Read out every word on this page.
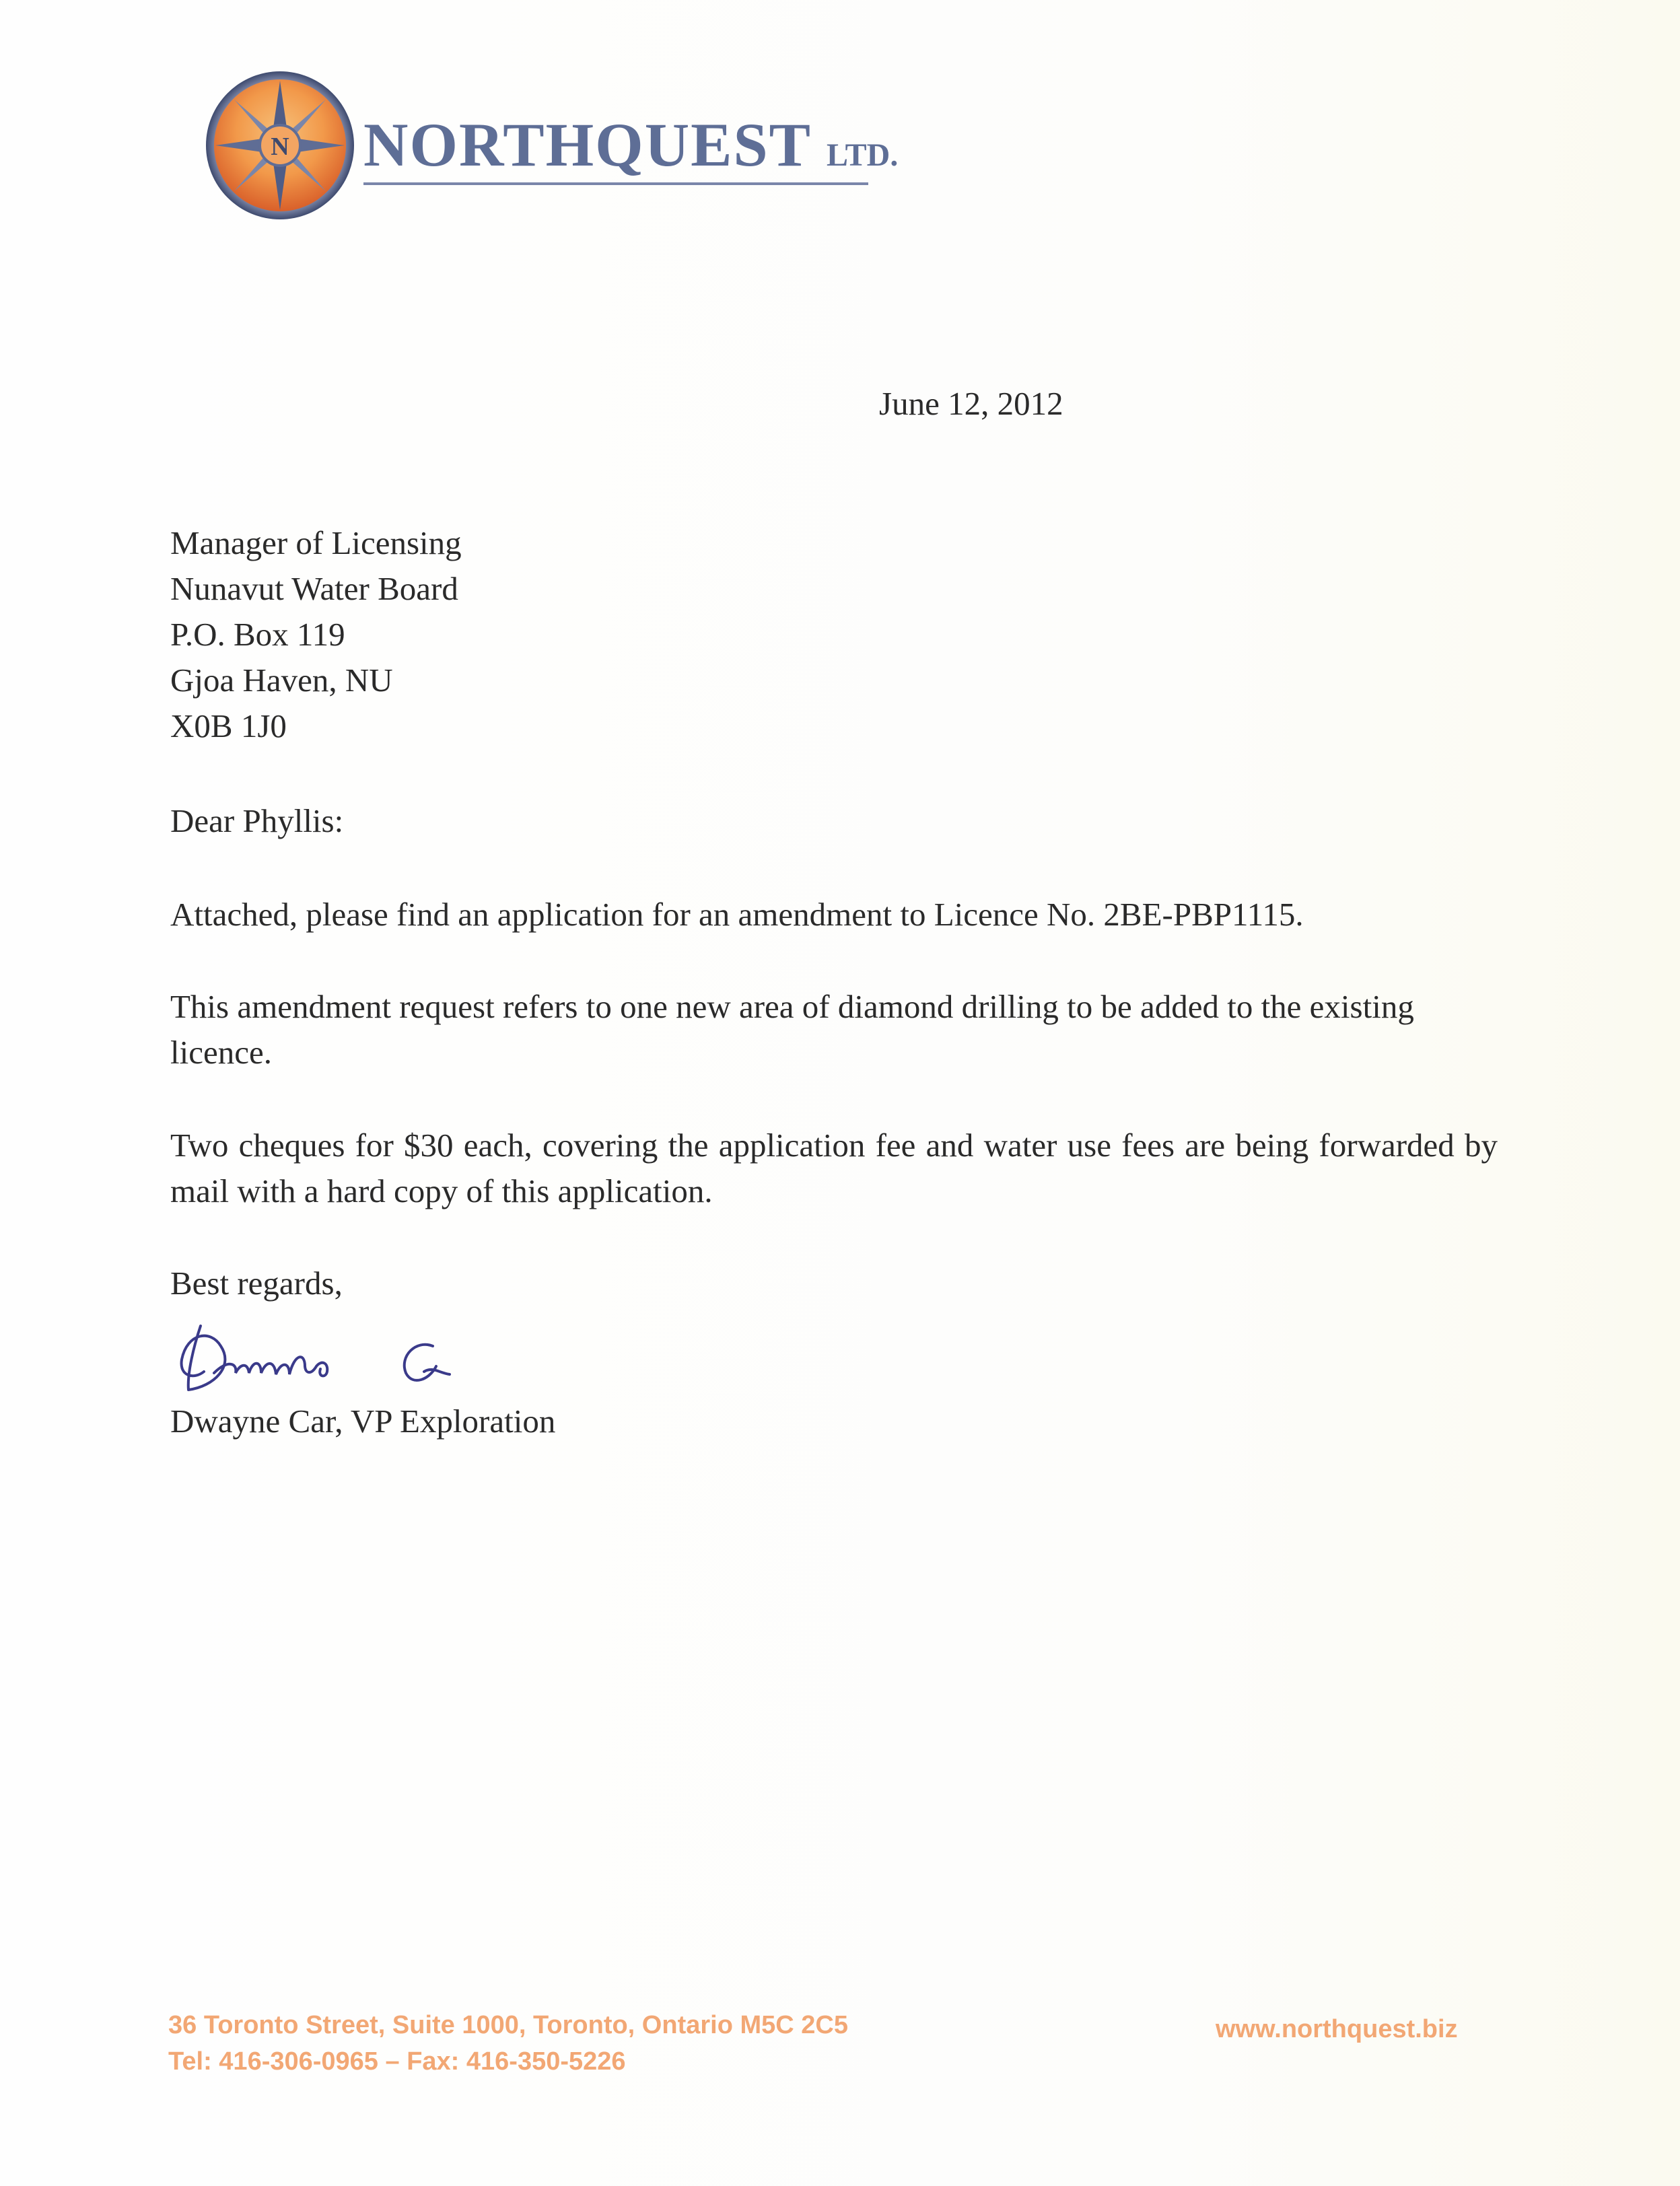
N NORTHQUEST LTD.
June 12, 2012
Manager of Licensing
Nunavut Water Board
P.O. Box 119
Gjoa Haven, NU
X0B 1J0
Dear Phyllis:
Attached, please find an application for an amendment to Licence No. 2BE-PBP1115.
This amendment request refers to one new area of diamond drilling to be added to the existing licence.
Two cheques for $30 each, covering the application fee and water use fees are being forwarded by mail with a hard copy of this application.
Best regards,
Dwayne Car, VP Exploration
36 Toronto Street, Suite 1000, Toronto, Ontario M5C 2C5
Tel: 416-306-0965 – Fax: 416-350-5226
www.northquest.biz
